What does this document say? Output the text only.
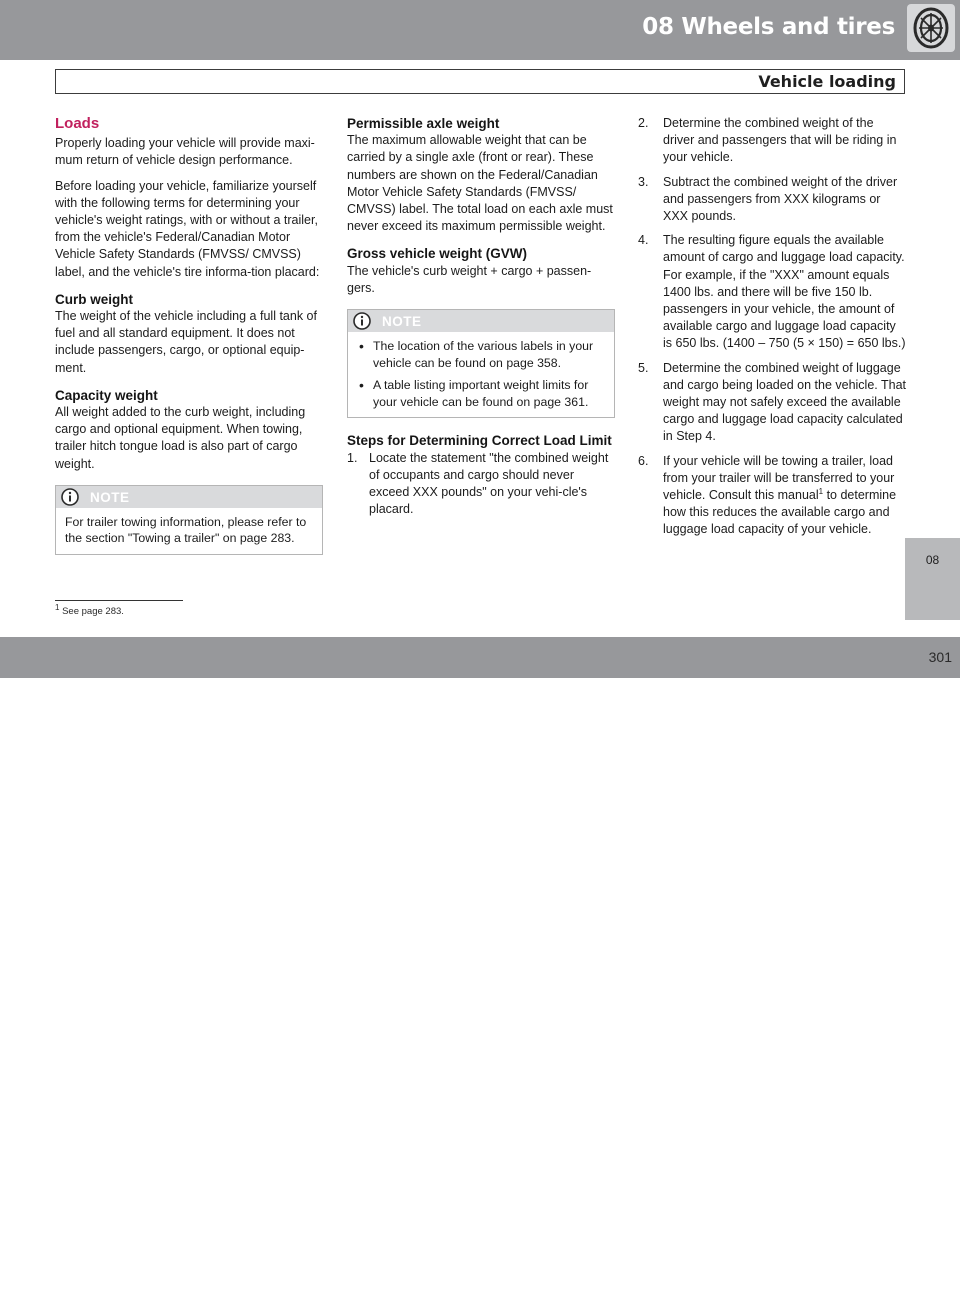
08 Wheels and tires
Vehicle loading
Loads

Properly loading your vehicle will provide maxi-mum return of vehicle design performance.

Before loading your vehicle, familiarize yourself with the following terms for determining your vehicle's weight ratings, with or without a trailer, from the vehicle's Federal/Canadian Motor Vehicle Safety Standards (FMVSS/ CMVSS) label, and the vehicle's tire informa-tion placard:

Curb weight

The weight of the vehicle including a full tank of fuel and all standard equipment. It does not include passengers, cargo, or optional equip-ment.

Capacity weight

All weight added to the curb weight, including cargo and optional equipment. When towing, trailer hitch tongue load is also part of cargo weight.

NOTE
For trailer towing information, please refer to the section "Towing a trailer" on page 283.
Permissible axle weight

The maximum allowable weight that can be carried by a single axle (front or rear). These numbers are shown on the Federal/Canadian Motor Vehicle Safety Standards (FMVSS/ CMVSS) label. The total load on each axle must never exceed its maximum permissible weight.

Gross vehicle weight (GVW)

The vehicle's curb weight + cargo + passen-gers.

NOTE
• The location of the various labels in your vehicle can be found on page 358.
• A table listing important weight limits for your vehicle can be found on page 361.
Steps for Determining Correct Load Limit
1. Locate the statement "the combined weight of occupants and cargo should never exceed XXX pounds" on your vehi-cle's placard.
2. Determine the combined weight of the driver and passengers that will be riding in your vehicle.
3. Subtract the combined weight of the driver and passengers from XXX kilograms or XXX pounds.
4. The resulting figure equals the available amount of cargo and luggage load capacity. For example, if the "XXX" amount equals 1400 lbs. and there will be five 150 lb. passengers in your vehicle, the amount of available cargo and luggage load capacity is 650 lbs. (1400 – 750 (5 × 150) = 650 lbs.)
5. Determine the combined weight of luggage and cargo being loaded on the vehicle. That weight may not safely exceed the available cargo and luggage load capacity calculated in Step 4.
6. If your vehicle will be towing a trailer, load from your trailer will be transferred to your vehicle. Consult this manual$^1$ to determine how this reduces the available cargo and luggage load capacity of your vehicle.
$^1$ See page 283.
08
carmanualsonline.info
301
